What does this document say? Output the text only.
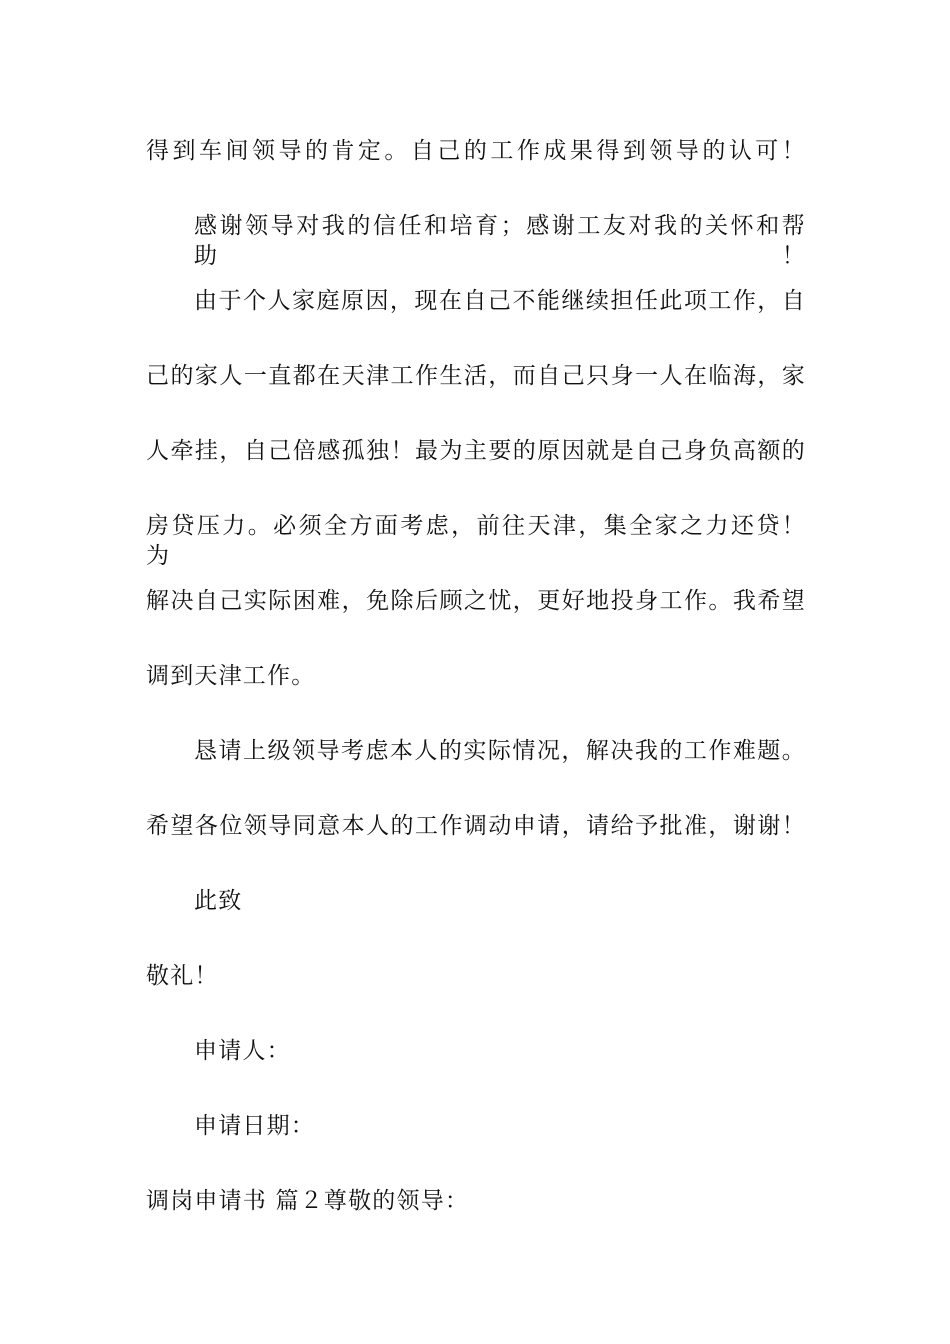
得到车间领导的肯定。自己的工作成果得到领导的认可！
感谢领导对我的信任和培育；感谢工友对我的关怀和帮助！
由于个人家庭原因，现在自己不能继续担任此项工作，自
己的家人一直都在天津工作生活，而自己只身一人在临海，家
人牵挂，自己倍感孤独！最为主要的原因就是自己身负高额的
房贷压力。必须全方面考虑，前往天津，集全家之力还贷！ 为
解决自己实际困难，免除后顾之忧，更好地投身工作。我希望
调到天津工作。
恳请上级领导考虑本人的实际情况，解决我的工作难题。
希望各位领导同意本人的工作调动申请，请给予批准，谢谢！
此致
敬礼！
申请人：
申请日期：
调岗申请书 篇２尊敬的领导：
